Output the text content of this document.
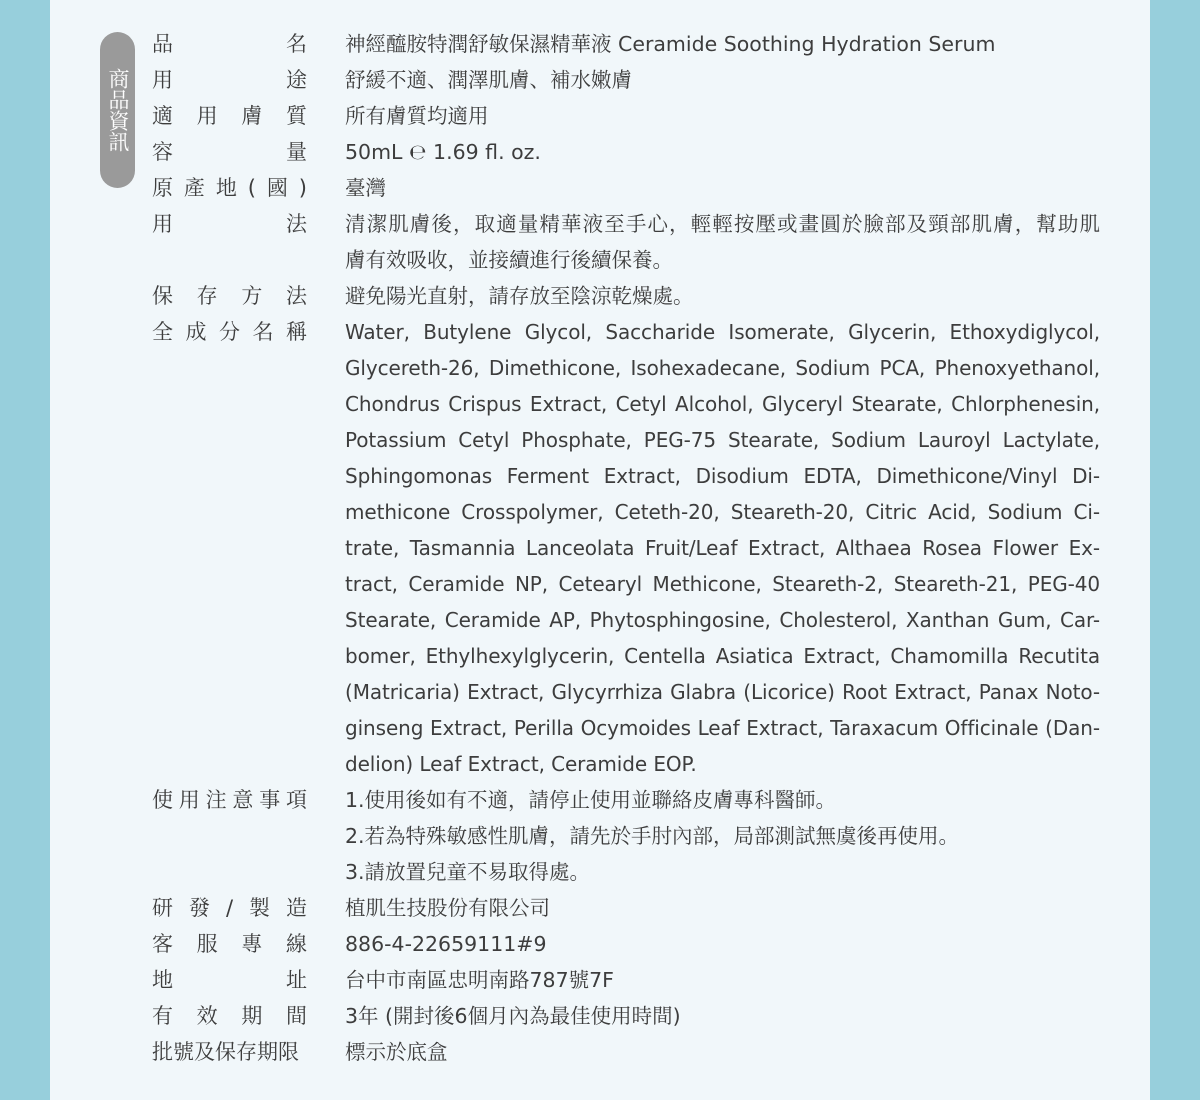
商品資訊
品名 神經醯胺特潤舒敏保濕精華液 Ceramide Soothing Hydration Serum
用途 舒緩不適、潤澤肌膚、補水嫩膚
適用膚質 所有膚質均適用
容量 50mL ℮ 1.69 fl. oz.
原產地(國) 臺灣
用法 清潔肌膚後，取適量精華液至手心，輕輕按壓或畫圓於臉部及頸部肌膚，幫助肌
膚有效吸收，並接續進行後續保養。
保存方法 避免陽光直射，請存放至陰涼乾燥處。
全成分名稱 Water, Butylene Glycol, Saccharide Isomerate, Glycerin, Ethoxydiglycol,
Glycereth-26, Dimethicone, Isohexadecane, Sodium PCA, Phenoxyethanol,
Chondrus Crispus Extract, Cetyl Alcohol, Glyceryl Stearate, Chlorphenesin,
Potassium Cetyl Phosphate, PEG-75 Stearate, Sodium Lauroyl Lactylate,
Sphingomonas Ferment Extract, Disodium EDTA, Dimethicone/Vinyl Di-
methicone Crosspolymer, Ceteth-20, Steareth-20, Citric Acid, Sodium Ci-
trate, Tasmannia Lanceolata Fruit/Leaf Extract, Althaea Rosea Flower Ex-
tract, Ceramide NP, Cetearyl Methicone, Steareth-2, Steareth-21, PEG-40
Stearate, Ceramide AP, Phytosphingosine, Cholesterol, Xanthan Gum, Car-
bomer, Ethylhexylglycerin, Centella Asiatica Extract, Chamomilla Recutita
(Matricaria) Extract, Glycyrrhiza Glabra (Licorice) Root Extract, Panax Noto-
ginseng Extract, Perilla Ocymoides Leaf Extract, Taraxacum Officinale (Dan-
delion) Leaf Extract, Ceramide EOP.
使用注意事項 1.使用後如有不適，請停止使用並聯絡皮膚專科醫師。
2.若為特殊敏感性肌膚，請先於手肘內部，局部測試無虞後再使用。
3.請放置兒童不易取得處。
研發/製造 植肌生技股份有限公司
客服專線 886-4-22659111#9
地址 台中市南區忠明南路787號7F
有效期間 3年 (開封後6個月內為最佳使用時間)
批號及保存期限	標示於底盒
